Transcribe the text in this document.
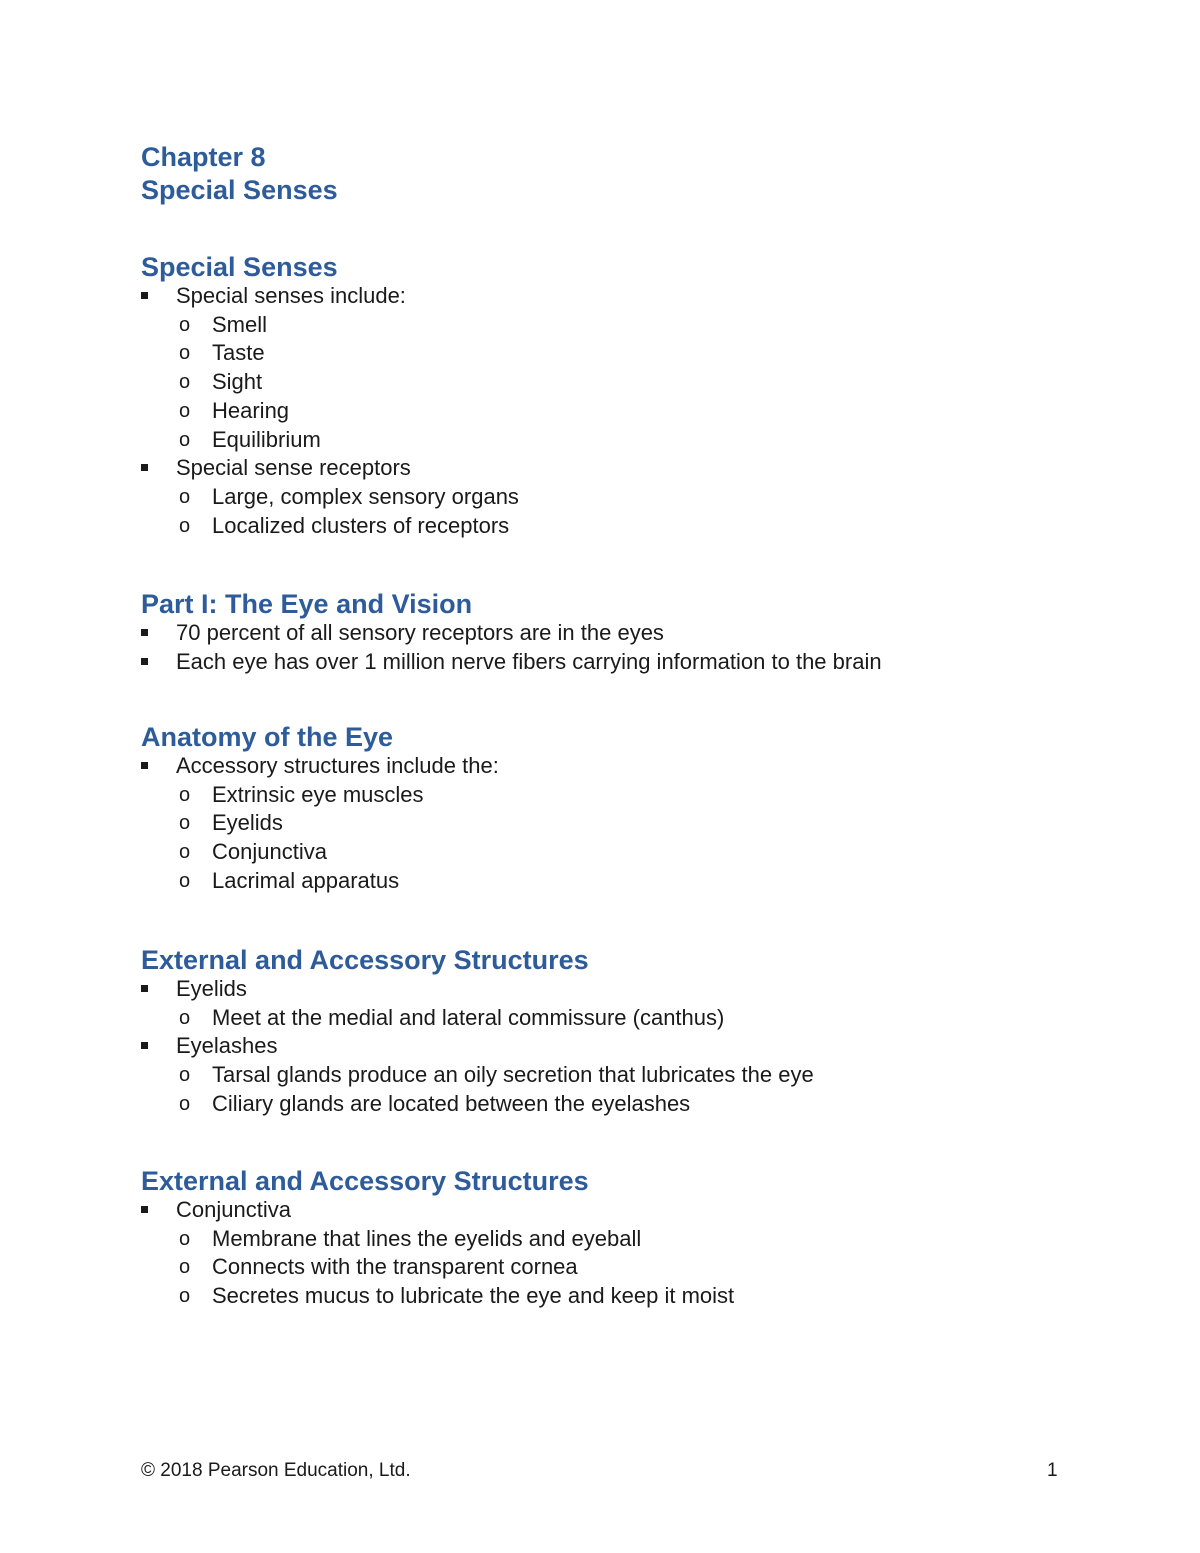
Chapter 8
Special Senses
Special Senses
Special senses include:
o Smell
o Taste
o Sight
o Hearing
o Equilibrium
Special sense receptors
o Large, complex sensory organs
o Localized clusters of receptors
Part I: The Eye and Vision
70 percent of all sensory receptors are in the eyes
Each eye has over 1 million nerve fibers carrying information to the brain
Anatomy of the Eye
Accessory structures include the:
o Extrinsic eye muscles
o Eyelids
o Conjunctiva
o Lacrimal apparatus
External and Accessory Structures
Eyelids
o Meet at the medial and lateral commissure (canthus)
Eyelashes
o Tarsal glands produce an oily secretion that lubricates the eye
o Ciliary glands are located between the eyelashes
External and Accessory Structures
Conjunctiva
o Membrane that lines the eyelids and eyeball
o Connects with the transparent cornea
o Secretes mucus to lubricate the eye and keep it moist
© 2018 Pearson Education, Ltd.	1
